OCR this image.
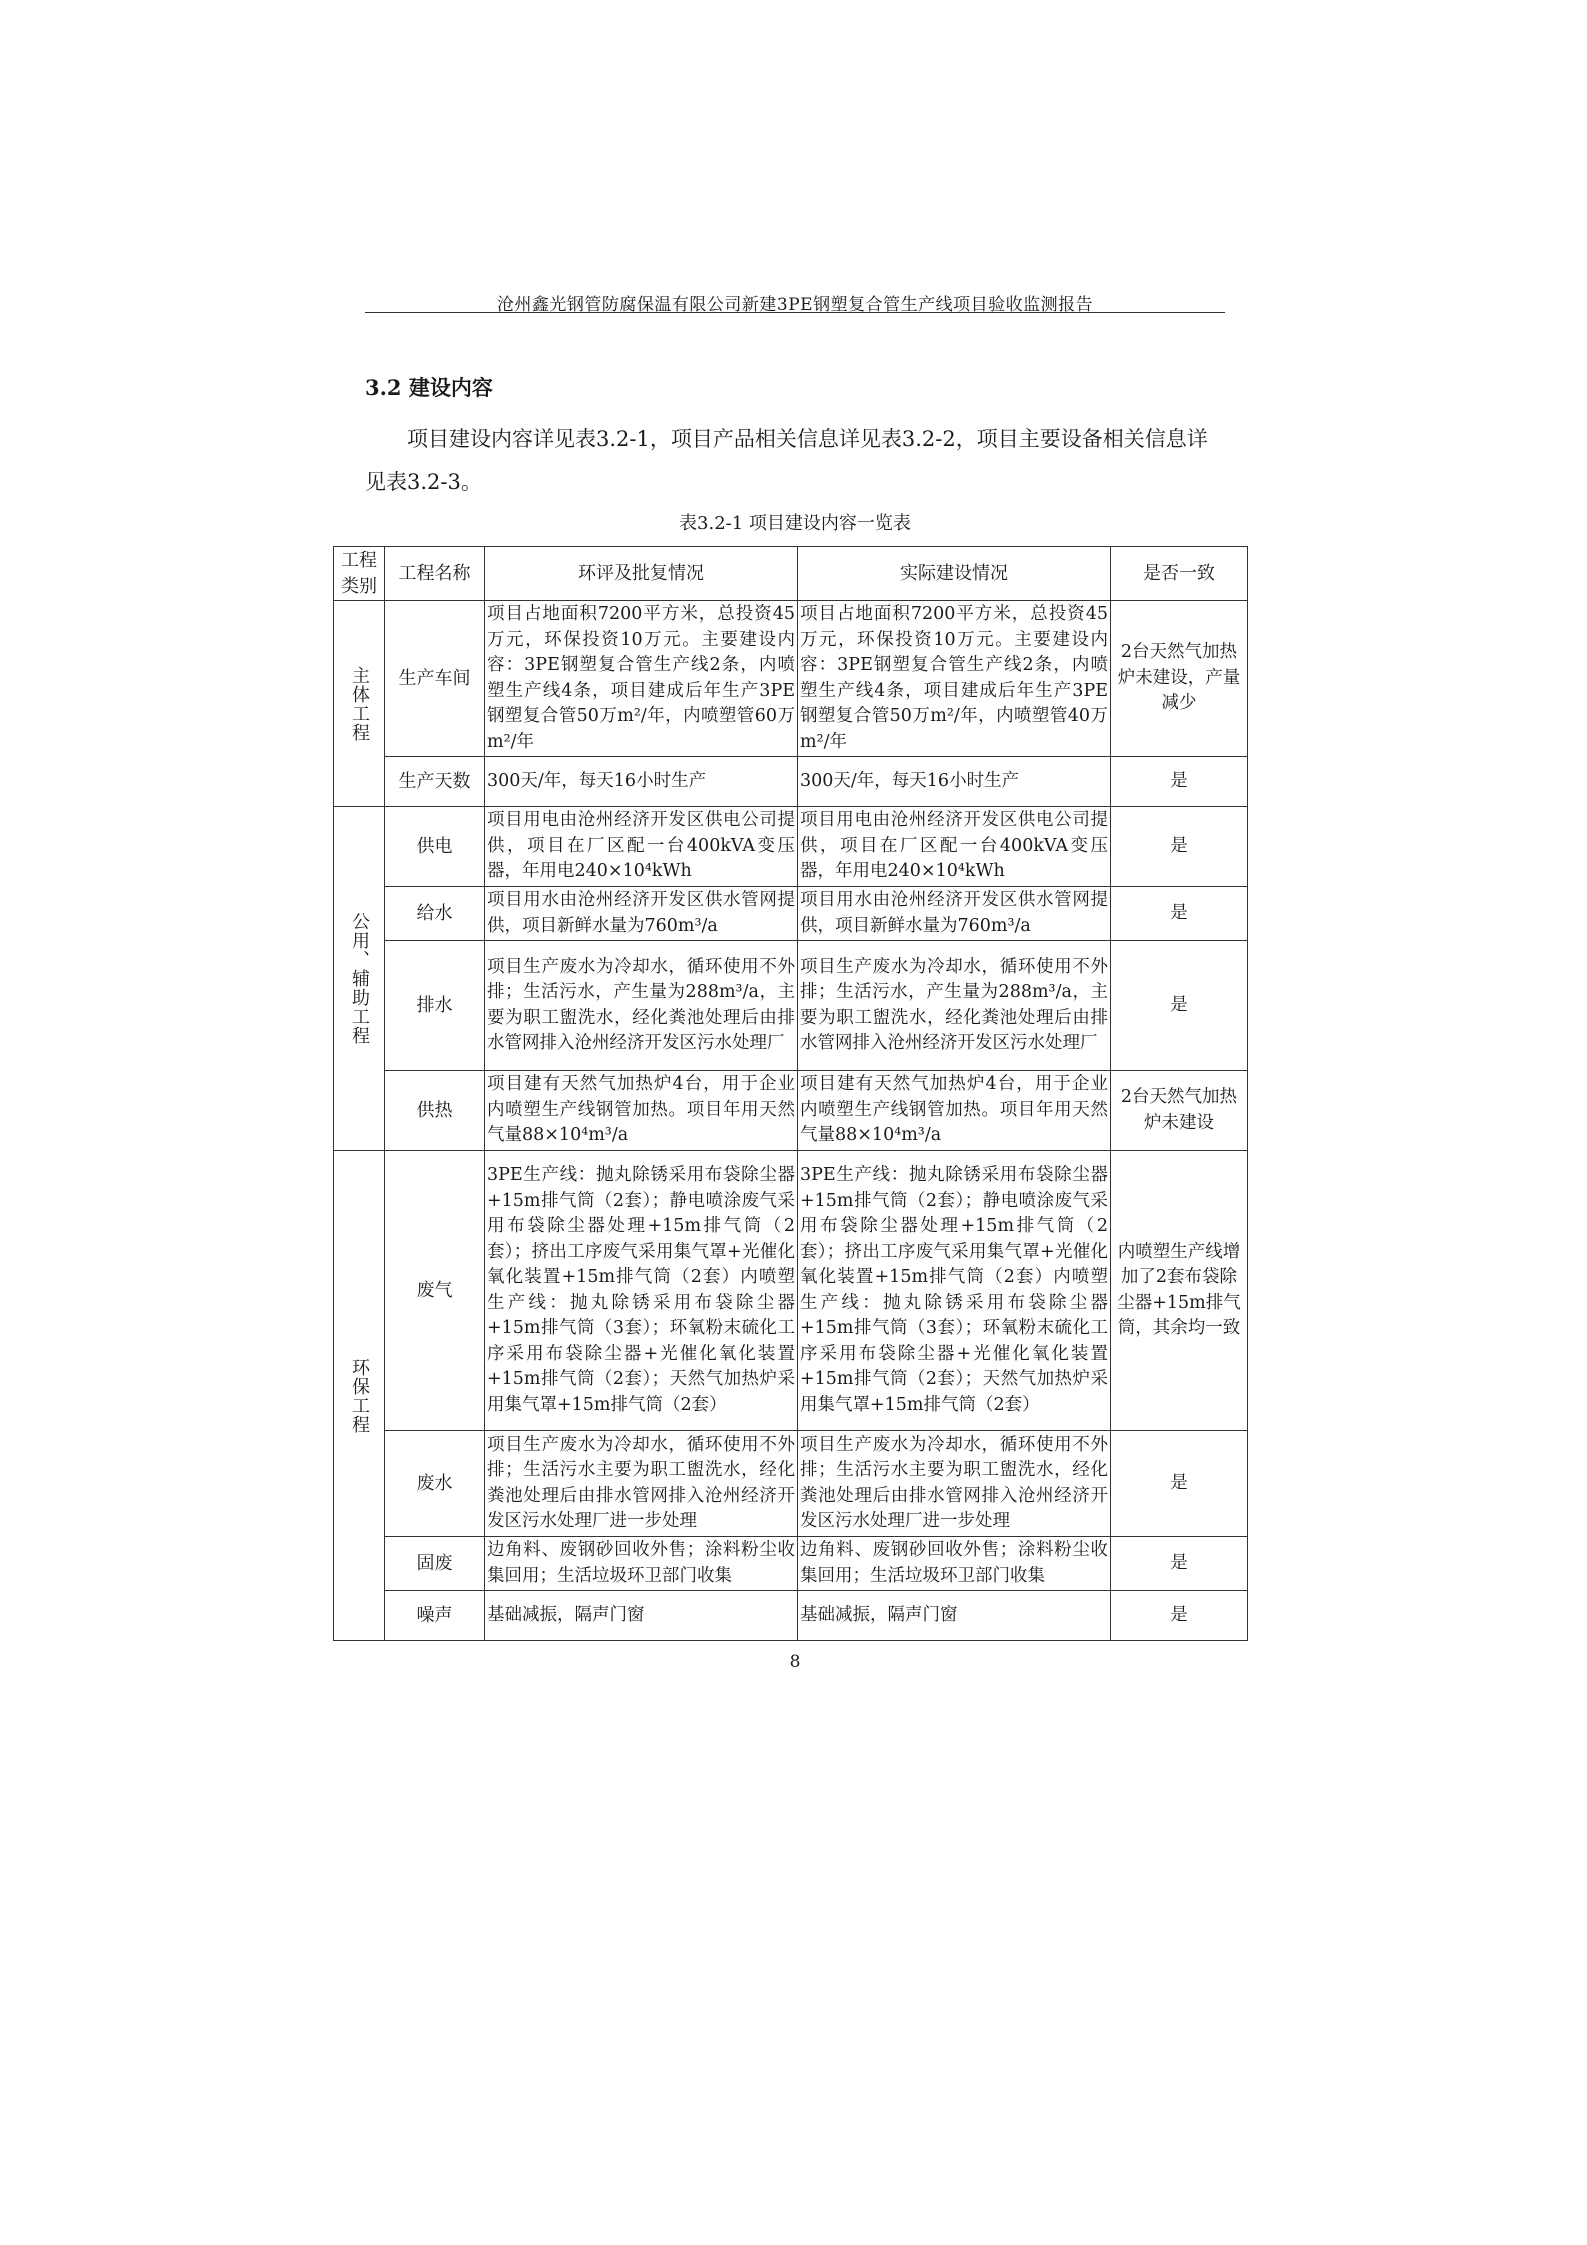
沧州鑫光钢管防腐保温有限公司新建3PE钢塑复合管生产线项目验收监测报告
3.2 建设内容
项目建设内容详见表3.2-1，项目产品相关信息详见表3.2-2，项目主要设备相关信息详见表3.2-3。
表3.2-1 项目建设内容一览表
工程类别	工程名称	环评及批复情况	实际建设情况	是否一致
主体工程	生产车间	项目占地面积7200平方米，总投资45万元，环保投资10万元。主要建设内容：3PE钢塑复合管生产线2条，内喷塑生产线4条，项目建成后年生产3PE钢塑复合管50万m²/年，内喷塑管60万m²/年	项目占地面积7200平方米，总投资45万元，环保投资10万元。主要建设内容：3PE钢塑复合管生产线2条，内喷塑生产线4条，项目建成后年生产3PE钢塑复合管50万m²/年，内喷塑管40万m²/年	2台天然气加热炉未建设，产量减少
	生产天数	300天/年，每天16小时生产	300天/年，每天16小时生产	是
公用、辅助工程	供电	项目用电由沧州经济开发区供电公司提供，项目在厂区配一台400kVA变压器，年用电240×10⁴kWh	项目用电由沧州经济开发区供电公司提供，项目在厂区配一台400kVA变压器，年用电240×10⁴kWh	是
	给水	项目用水由沧州经济开发区供水管网提供，项目新鲜水量为760m³/a	项目用水由沧州经济开发区供水管网提供，项目新鲜水量为760m³/a	是
	排水	项目生产废水为冷却水，循环使用不外排；生活污水，产生量为288m³/a，主要为职工盥洗水，经化粪池处理后由排水管网排入沧州经济开发区污水处理厂	项目生产废水为冷却水，循环使用不外排；生活污水，产生量为288m³/a，主要为职工盥洗水，经化粪池处理后由排水管网排入沧州经济开发区污水处理厂	是
	供热	项目建有天然气加热炉4台，用于企业内喷塑生产线钢管加热。项目年用天然气量88×10⁴m³/a	项目建有天然气加热炉4台，用于企业内喷塑生产线钢管加热。项目年用天然气量88×10⁴m³/a	2台天然气加热炉未建设
环保工程	废气	3PE生产线：抛丸除锈采用布袋除尘器+15m排气筒（2套）；静电喷涂废气采用布袋除尘器处理+15m排气筒（2套）；挤出工序废气采用集气罩+光催化氧化装置+15m排气筒（2套）内喷塑生产线：抛丸除锈采用布袋除尘器+15m排气筒（3套）；环氧粉末硫化工序采用布袋除尘器+光催化氧化装置+15m排气筒（2套）；天然气加热炉采用集气罩+15m排气筒（2套）	3PE生产线：抛丸除锈采用布袋除尘器+15m排气筒（2套）；静电喷涂废气采用布袋除尘器处理+15m排气筒（2套）；挤出工序废气采用集气罩+光催化氧化装置+15m排气筒（2套）内喷塑生产线：抛丸除锈采用布袋除尘器+15m排气筒（3套）；环氧粉末硫化工序采用布袋除尘器+光催化氧化装置+15m排气筒（2套）；天然气加热炉采用集气罩+15m排气筒（2套）	内喷塑生产线增加了2套布袋除尘器+15m排气筒，其余均一致
	废水	项目生产废水为冷却水，循环使用不外排；生活污水主要为职工盥洗水，经化粪池处理后由排水管网排入沧州经济开发区污水处理厂进一步处理	项目生产废水为冷却水，循环使用不外排；生活污水主要为职工盥洗水，经化粪池处理后由排水管网排入沧州经济开发区污水处理厂进一步处理	是
	固废	边角料、废钢砂回收外售；涂料粉尘收集回用；生活垃圾环卫部门收集	边角料、废钢砂回收外售；涂料粉尘收集回用；生活垃圾环卫部门收集	是
	噪声	基础减振，隔声门窗	基础减振，隔声门窗	是
8
